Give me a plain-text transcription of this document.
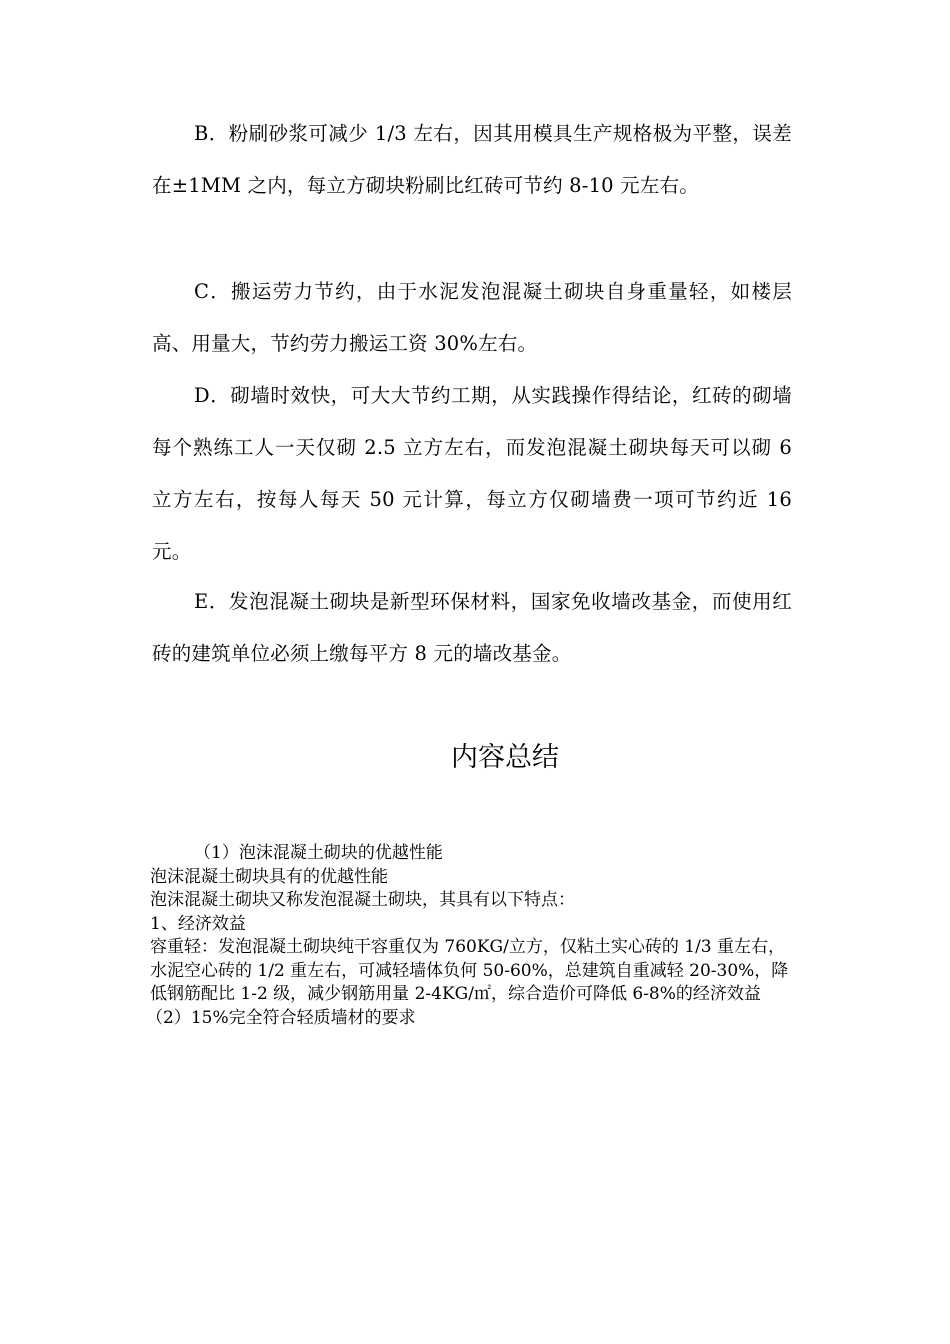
B．粉刷砂浆可减少 1/3 左右，因其用模具生产规格极为平整，误差在±1MM 之内，每立方砌块粉刷比红砖可节约 8-10 元左右。

C．搬运劳力节约，由于水泥发泡混凝土砌块自身重量轻，如楼层高、用量大，节约劳力搬运工资 30%左右。

D．砌墙时效快，可大大节约工期，从实践操作得结论，红砖的砌墙每个熟练工人一天仅砌 2.5 立方左右，而发泡混凝土砌块每天可以砌 6 立方左右，按每人每天 50 元计算，每立方仅砌墙费一项可节约近 16 元。

E．发泡混凝土砌块是新型环保材料，国家免收墙改基金，而使用红砖的建筑单位必须上缴每平方 8 元的墙改基金。

内容总结
（1）泡沫混凝土砌块的优越性能
泡沫混凝土砌块具有的优越性能
泡沫混凝土砌块又称发泡混凝土砌块，其具有以下特点：
1、经济效益
容重轻：发泡混凝土砌块纯干容重仅为 760KG/立方，仅粘土实心砖的 1/3 重左右，水泥空心砖的 1/2 重左右，可减轻墙体负何 50-60%，总建筑自重减轻 20-30%，降低钢筋配比 1-2 级，减少钢筋用量 2-4KG/㎡，综合造价可降低 6-8%的经济效益
（2）15%完全符合轻质墙材的要求
